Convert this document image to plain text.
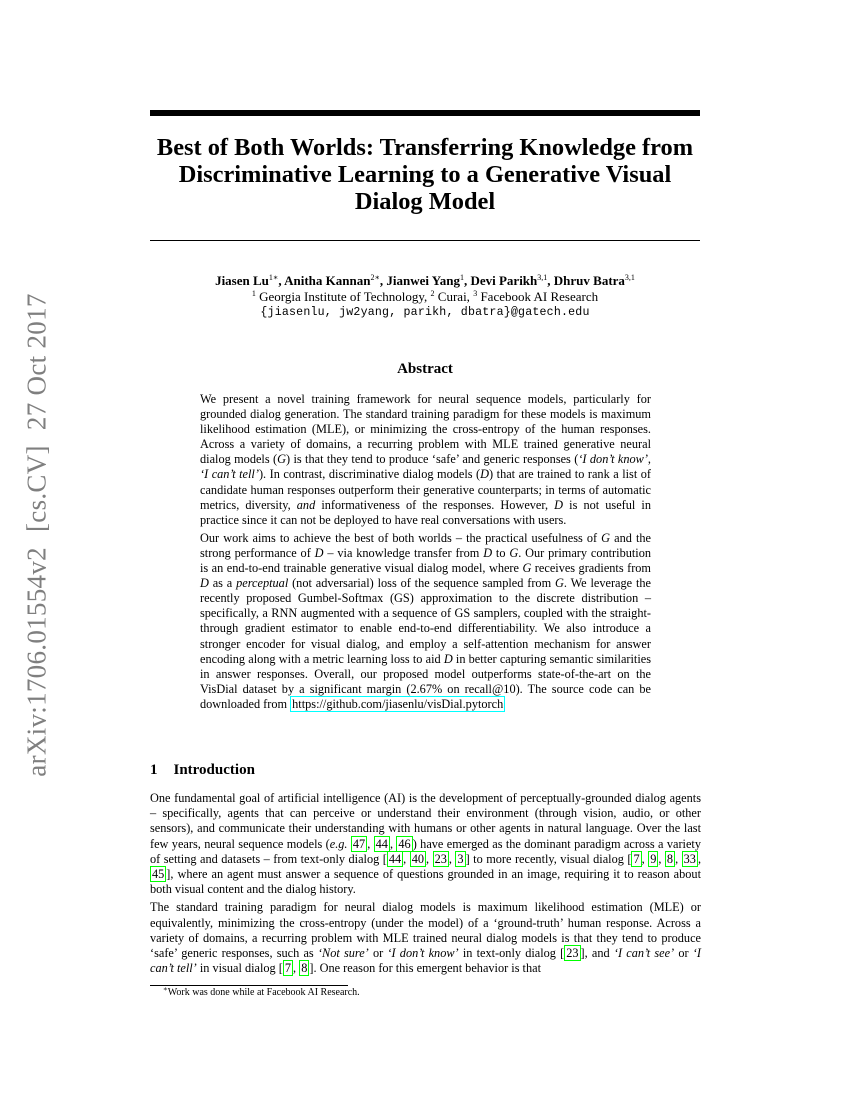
arXiv:1706.01554v2 [cs.CV] 27 Oct 2017
Best of Both Worlds: Transferring Knowledge from
Discriminative Learning to a Generative Visual
Dialog Model
Jiasen $Lu^{1∗}$, Anitha Kannan$^{2∗}$, Jianwei Yang$^1$, Devi Parikh$^{3,1}$, Dhruv Batra$^{3,1}$
$^1$ Georgia Institute of Technology, $^2$ Curai, $^3$ Facebook AI Research
{jiasenlu, jw2yang, parikh, dbatra}@gatech.edu
Abstract

We present a novel training framework for neural sequence models, particularly for grounded dialog generation. The standard training paradigm for these models is maximum likelihood estimation (MLE), or minimizing the cross-entropy of the human responses. Across a variety of domains, a recurring problem with MLE trained generative neural dialog models (G) is that they tend to produce ‘safe’ and generic responses (‘I don’t know’, ‘I can’t tell’). In contrast, discriminative dialog models (D) that are trained to rank a list of candidate human responses outperform their generative counterparts; in terms of automatic metrics, diversity, and informativeness of the responses. However, D is not useful in practice since it can not be deployed to have real conversations with users.

Our work aims to achieve the best of both worlds – the practical usefulness of G and the strong performance of D – via knowledge transfer from D to G. Our primary contribution is an end-to-end trainable generative visual dialog model, where G receives gradients from D as a perceptual (not adversarial) loss of the sequence sampled from G. We leverage the recently proposed Gumbel-Softmax (GS) approximation to the discrete distribution – specifically, a RNN augmented with a sequence of GS samplers, coupled with the straight-through gradient estimator to enable end-to-end differentiability. We also introduce a stronger encoder for visual dialog, and employ a self-attention mechanism for answer encoding along with a metric learning loss to aid D in better capturing semantic similarities in answer responses. Overall, our proposed model outperforms state-of-the-art on the VisDial dataset by a significant margin (2.67% on recall@10). The source code can be downloaded from https://github.com/jiasenlu/visDial.pytorch

1 Introduction

One fundamental goal of artificial intelligence (AI) is the development of perceptually-grounded dialog agents – specifically, agents that can perceive or understand their environment (through vision, audio, or other sensors), and communicate their understanding with humans or other agents in natural language. Over the last few years, neural sequence models (e.g. 47 , 44 , 46 ) have emerged as the dominant paradigm across a variety of setting and datasets – from text-only dialog [ 44 , 40 , 23 , 3 ] to more recently, visual dialog [ 7 , 9 , 8 , 33 , 45 ], where an agent must answer a sequence of questions grounded in an image, requiring it to reason about both visual content and the dialog history.

The standard training paradigm for neural dialog models is maximum likelihood estimation (MLE) or equivalently, minimizing the cross-entropy (under the model) of a ‘ground-truth’ human response. Across a variety of domains, a recurring problem with MLE trained neural dialog models is that they tend to produce ‘safe’ generic responses, such as ‘Not sure’ or ‘I don’t know’ in text-only dialog [ 23 ], and ‘I can’t see’ or ‘I can’t tell’ in visual dialog [ 7 , 8 ]. One reason for this emergent behavior is that

∗Work was done while at Facebook AI Research.
